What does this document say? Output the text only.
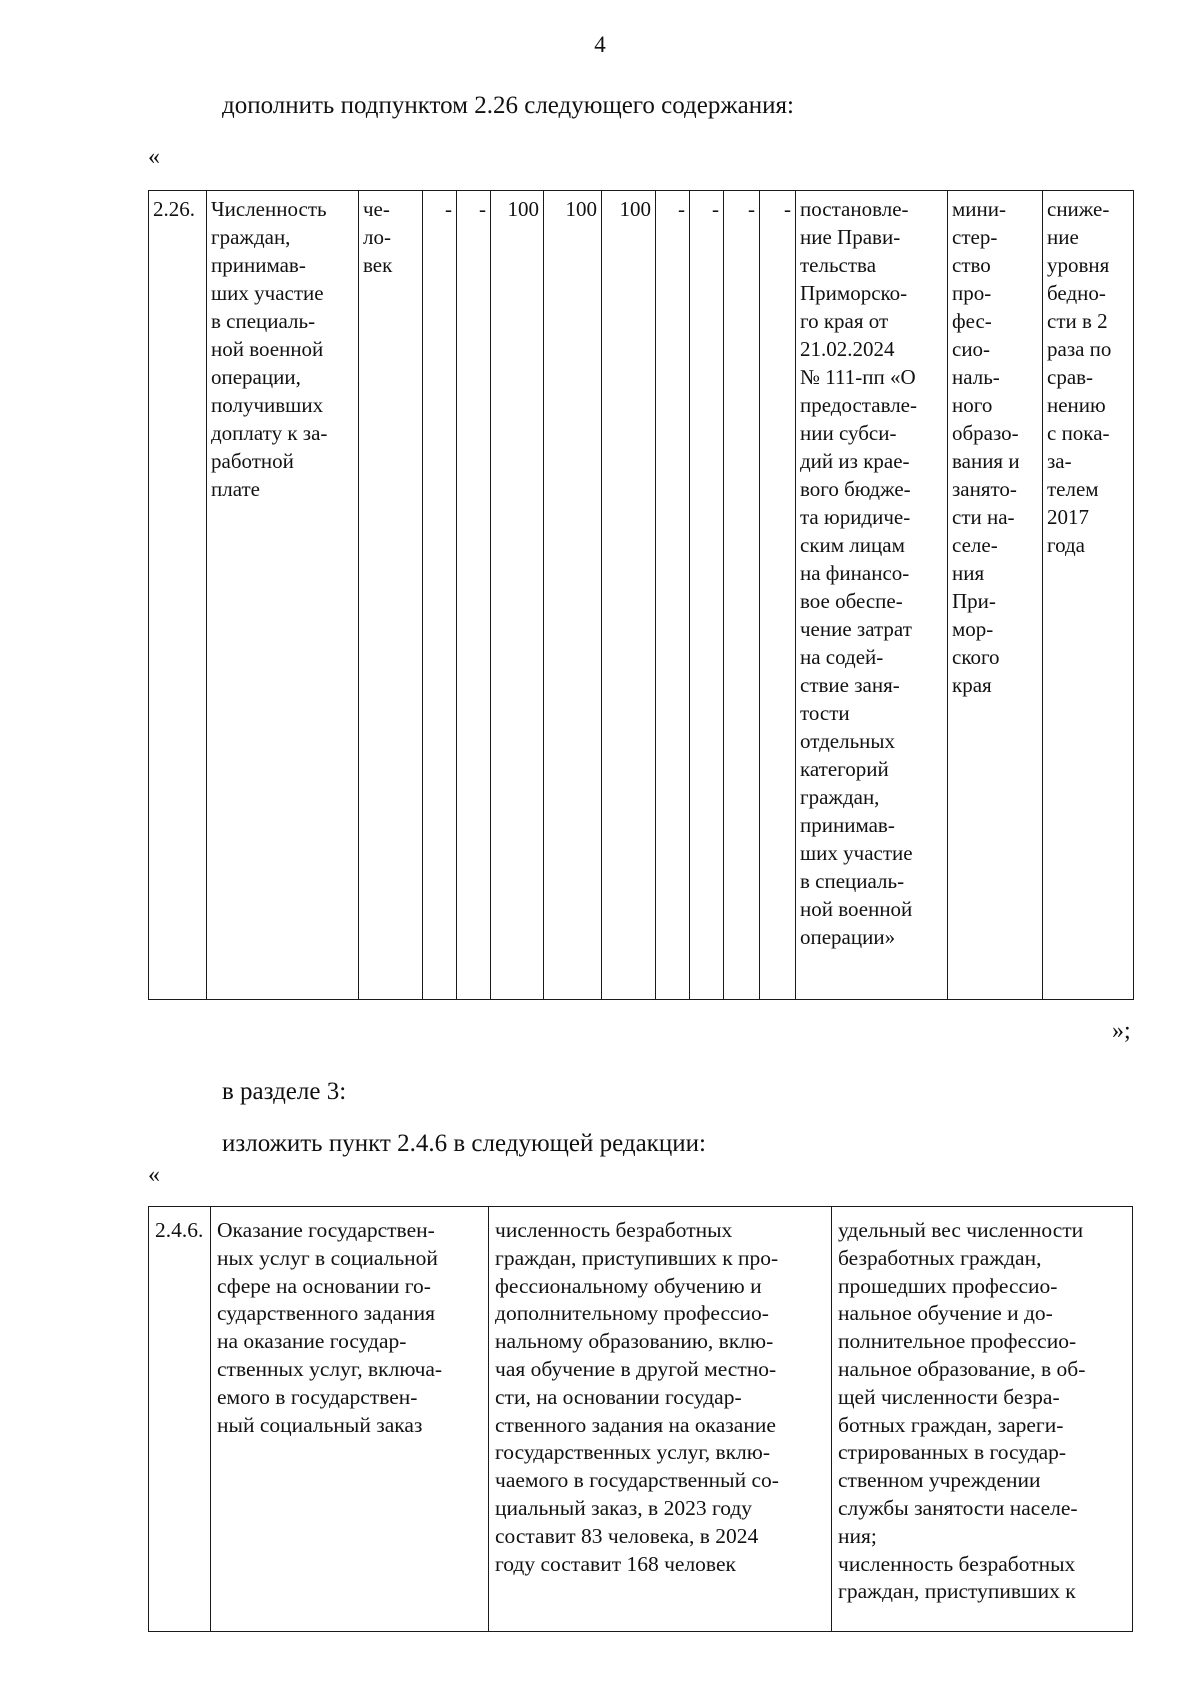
4
дополнить подпунктом 2.26 следующего содержания:
«
2.26.	Численность
граждан,
принимав-
ших участие
в специаль-
ной военной
операции,
получивших
доплату к за-
работной
плате	че-
ло-
век	-	-	100	100	100	-	-	-	-	постановле-
ние Прави-
тельства
Приморско-
го края от
21.02.2024
№ 111-пп «О
предоставле-
нии субси-
дий из крае-
вого бюдже-
та юридиче-
ским лицам
на финансо-
вое обеспе-
чение затрат
на содей-
ствие заня-
тости
отдельных
категорий
граждан,
принимав-
ших участие
в специаль-
ной военной
операции»	мини-
стер-
ство
про-
фес-
сио-
наль-
ного
образо-
вания и
занято-
сти на-
селе-
ния
При-
мор-
ского
края	сниже-
ние
уровня
бедно-
сти в 2
раза по
срав-
нению
с пока-
за-
телем
2017
года
»;
в разделе 3:
изложить пункт 2.4.6 в следующей редакции:
«
2.4.6.	Оказание государствен-
ных услуг в социальной
сфере на основании го-
сударственного задания
на оказание государ-
ственных услуг, включа-
емого в государствен-
ный социальный заказ	численность безработных
граждан, приступивших к про-
фессиональному обучению и
дополнительному профессио-
нальному образованию, вклю-
чая обучение в другой местно-
сти, на основании государ-
ственного задания на оказание
государственных услуг, вклю-
чаемого в государственный со-
циальный заказ, в 2023 году
составит 83 человека, в 2024
году составит 168 человек	удельный вес численности
безработных граждан,
прошедших профессио-
нальное обучение и до-
полнительное профессио-
нальное образование, в об-
щей численности безра-
ботных граждан, зареги-
стрированных в государ-
ственном учреждении
службы занятости населе-
ния;
численность безработных
граждан, приступивших к
